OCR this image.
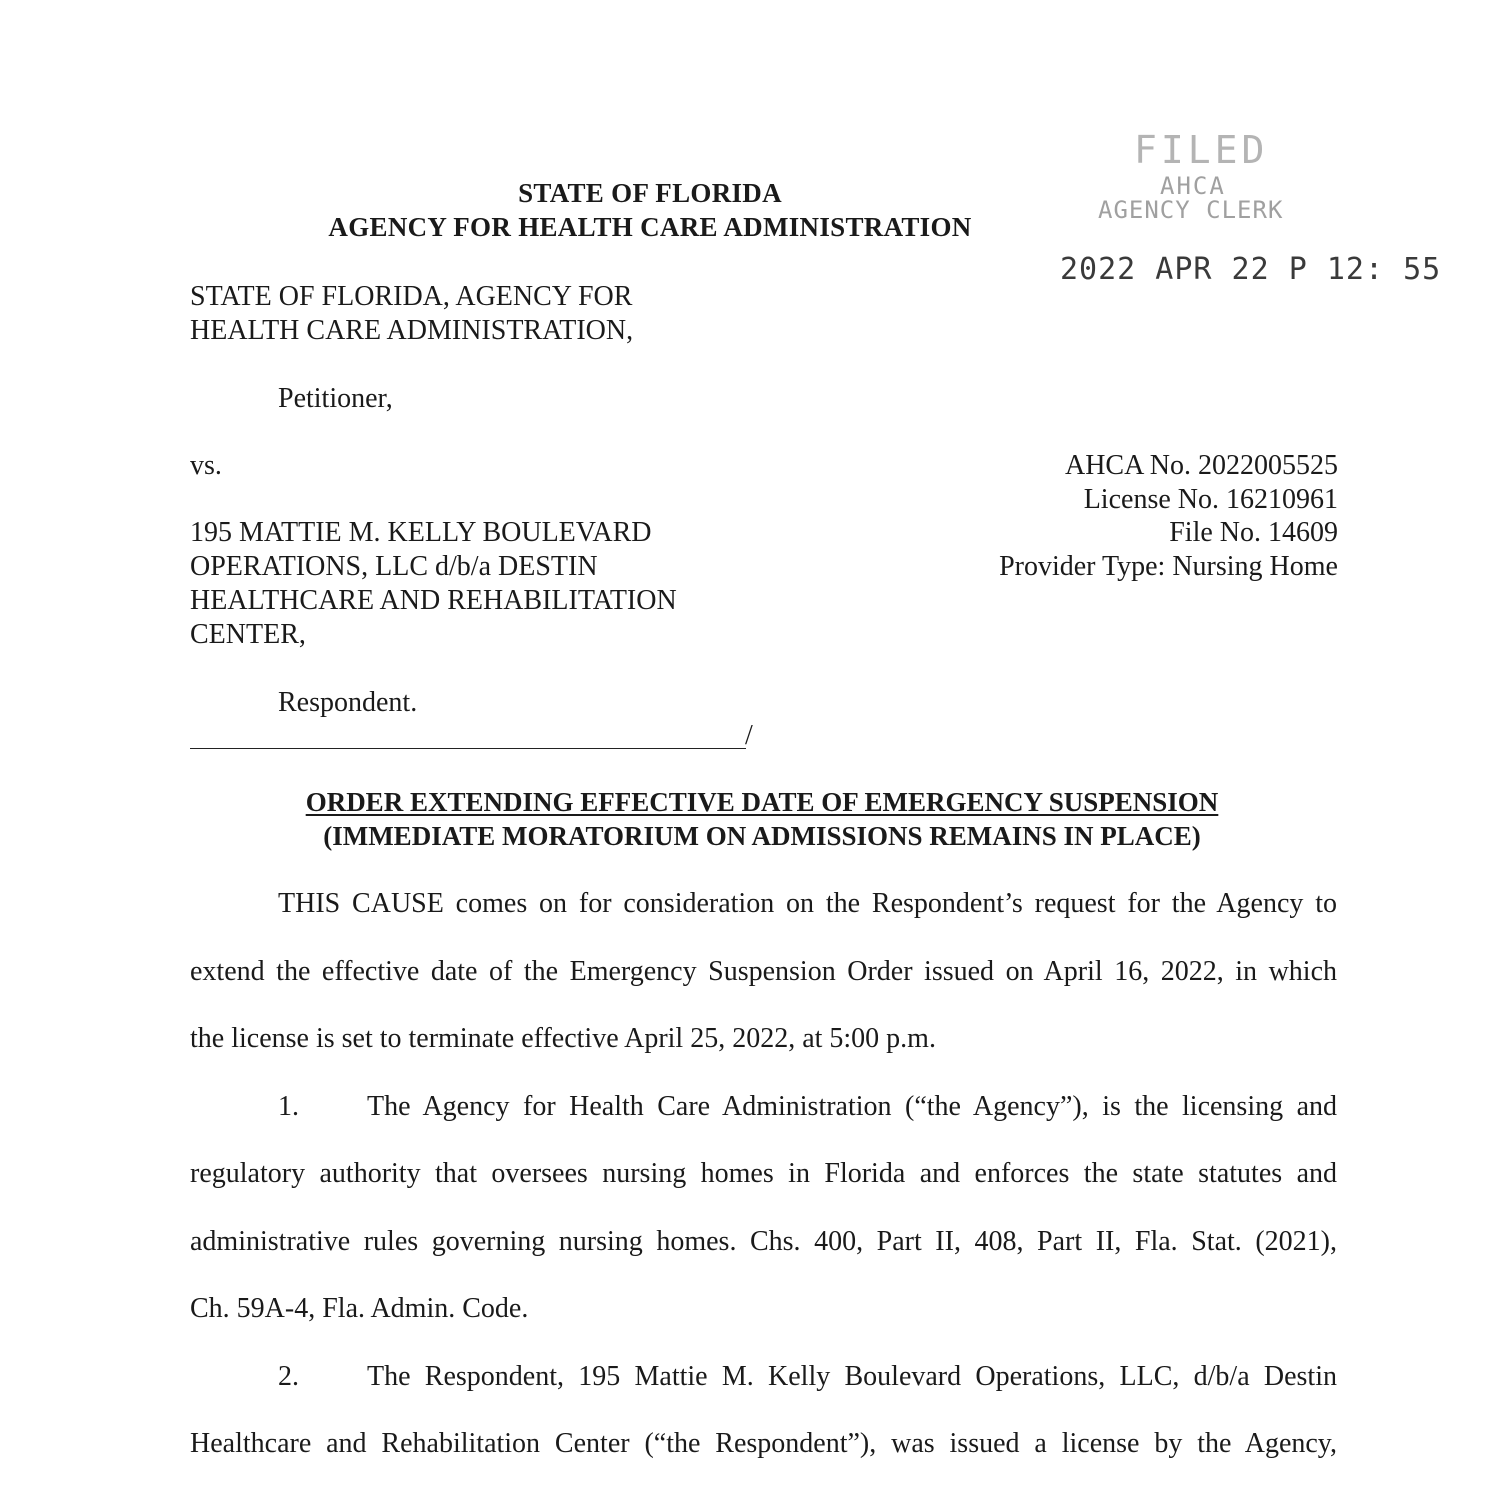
STATE OF FLORIDA
AGENCY FOR HEALTH CARE ADMINISTRATION
FILED
AHCA
AGENCY CLERK
2022 APR 22 P 12: 55
STATE OF FLORIDA, AGENCY FOR
HEALTH CARE ADMINISTRATION,
Petitioner,
vs.
195 MATTIE M. KELLY BOULEVARD
OPERATIONS, LLC d/b/a DESTIN
HEALTHCARE AND REHABILITATION
CENTER,
Respondent.
/
AHCA No. 2022005525
License No. 16210961
File No. 14609
Provider Type: Nursing Home
ORDER EXTENDING EFFECTIVE DATE OF EMERGENCY SUSPENSION
(IMMEDIATE MORATORIUM ON ADMISSIONS REMAINS IN PLACE)
THIS CAUSE comes on for consideration on the Respondent’s request for the Agency to
extend the effective date of the Emergency Suspension Order issued on April 16, 2022, in which
the license is set to terminate effective April 25, 2022, at 5:00 p.m.
1. The Agency for Health Care Administration (“the Agency”), is the licensing and
regulatory authority that oversees nursing homes in Florida and enforces the state statutes and
administrative rules governing nursing homes. Chs. 400, Part II, 408, Part II, Fla. Stat. (2021),
Ch. 59A-4, Fla. Admin. Code.
2. The Respondent, 195 Mattie M. Kelly Boulevard Operations, LLC, d/b/a Destin
Healthcare and Rehabilitation Center (“the Respondent”), was issued a license by the Agency,
